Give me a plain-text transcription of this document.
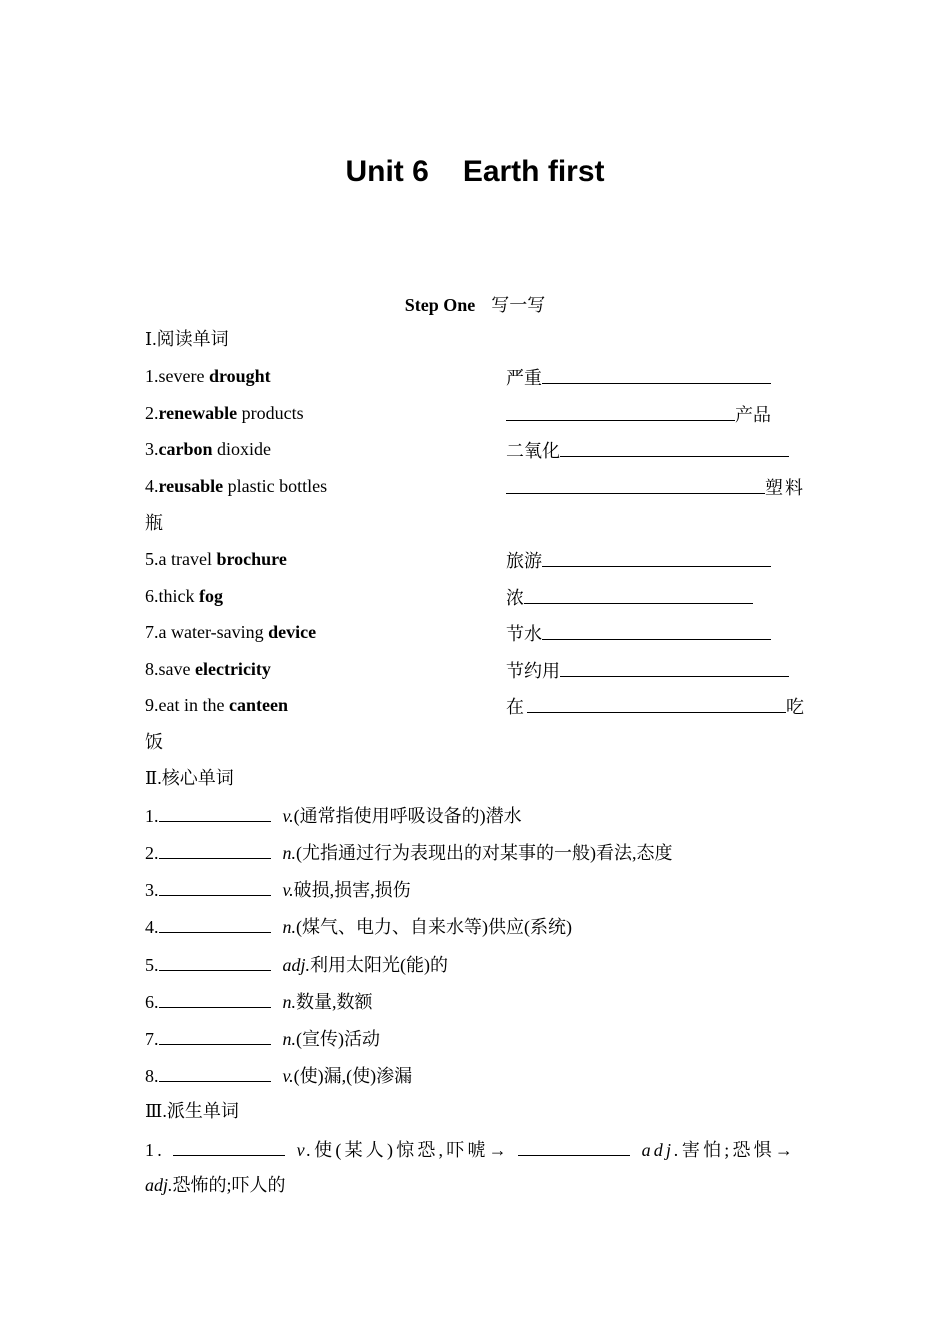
Unit 6 Earth first
Step One 写一写
Ⅰ.阅读单词
1.severe drought	严重
2.renewable products	产品
3.carbon dioxide	二氧化
4.reusable plastic bottles	塑料
瓶
5.a travel brochure	旅游
6.thick fog	浓
7.a water-saving device	节水
8.save electricity	节约用
9.eat in the canteen	在	吃
饭
Ⅱ.核心单词
1.	v.(通常指使用呼吸设备的)潜水
2.	n.(尤指通过行为表现出的对某事的一般)看法,态度
3.	v.破损,损害,损伤
4.	n.(煤气、电力、自来水等)供应(系统)
5.	adj.利用太阳光(能)的
6.	n.数量,数额
7.	n.(宣传)活动
8.	v.(使)漏,(使)渗漏
Ⅲ.派生单词
1.	v.使(某人)惊恐,吓唬→	adj.害怕;恐惧→
adj.恐怖的;吓人的
